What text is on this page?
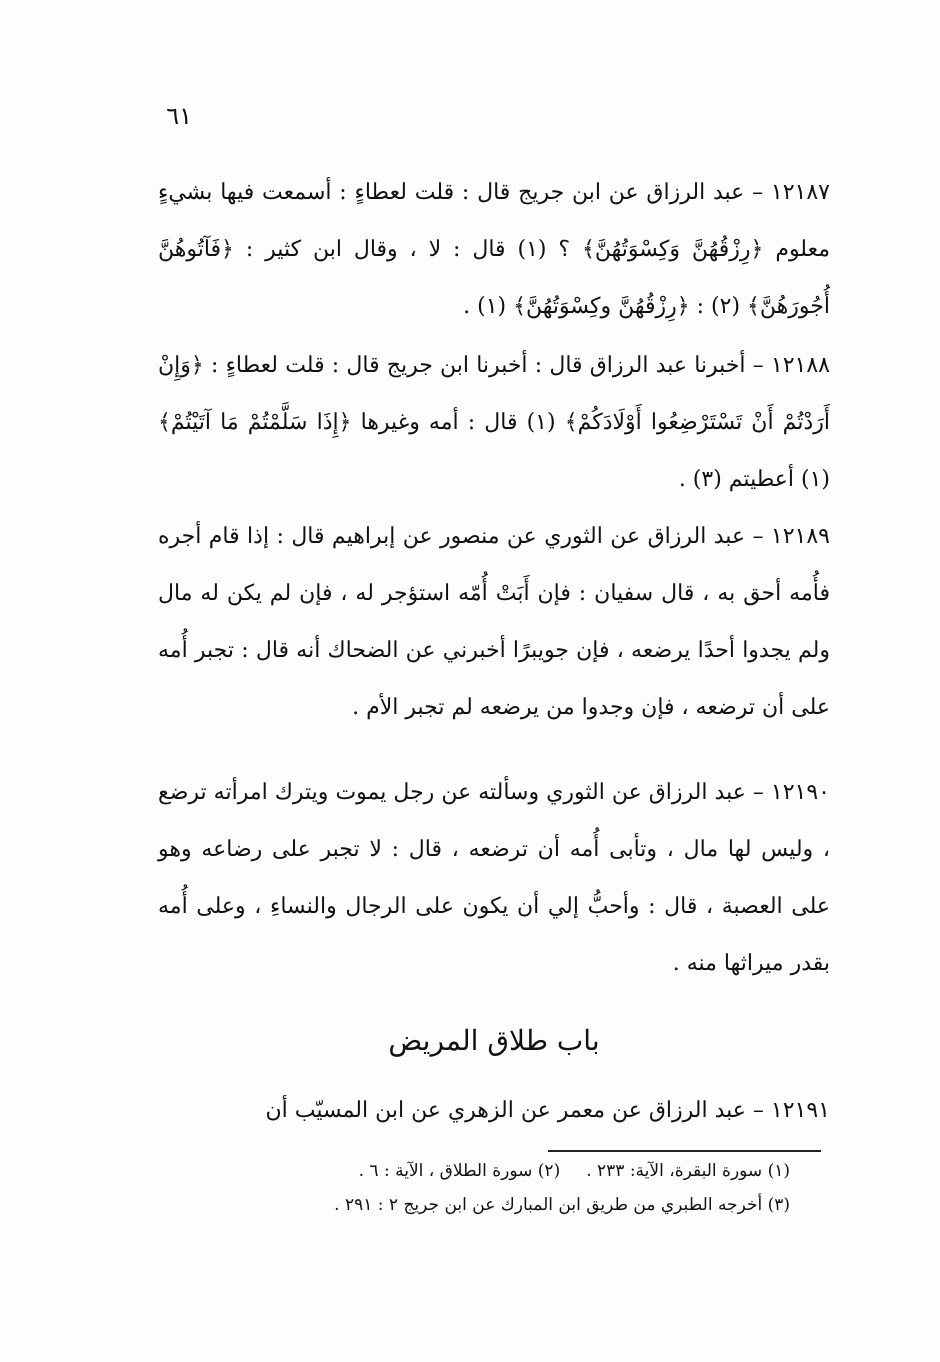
٦١

١٢١٨٧ – عبد الرزاق عن ابن جريج قال : قلت لعطاءٍ : أسمعت فيها بشيءٍ معلوم ﴿رِزْقُهُنَّ وَكِسْوَتُهُنَّ﴾ ؟ (١) قال : لا ، وقال ابن كثير : ﴿فَآتُوهُنَّ أُجُورَهُنَّ﴾ (٢) : ﴿رِزْقُهُنَّ وكِسْوَتُهُنَّ﴾ (١) .

١٢١٨٨ – أخبرنا عبد الرزاق قال : أخبرنا ابن جريج قال : قلت لعطاءٍ : ﴿وَإِنْ أَرَدْتُمْ أَنْ تَسْتَرْضِعُوا أَوْلَادَكُمْ﴾ (١) قال : أمه وغيرها ﴿إِذَا سَلَّمْتُمْ مَا آتَيْتُمْ﴾ (١) أعطيتم (٣) .

١٢١٨٩ – عبد الرزاق عن الثوري عن منصور عن إبراهيم قال : إذا قام أجره فأُمه أحق به ، قال سفيان : فإن أَبَتْ أُمّه استؤجر له ، فإن لم يكن له مال ولم يجدوا أحدًا يرضعه ، فإن جويبرًا أخبرني عن الضحاك أنه قال : تجبر أُمه على أن ترضعه ، فإن وجدوا من يرضعه لم تجبر الأم .

١٢١٩٠ – عبد الرزاق عن الثوري وسألته عن رجل يموت ويترك امرأته ترضع ، وليس لها مال ، وتأبى أُمه أن ترضعه ، قال : لا تجبر على رضاعه وهو على العصبة ، قال : وأحبُّ إلي أن يكون على الرجال والنساءِ ، وعلى أُمه بقدر ميراثها منه .

باب طلاق المريض

١٢١٩١ – عبد الرزاق عن معمر عن الزهري عن ابن المسيّب أن

(١) سورة البقرة، الآية: ٢٣٣ .(٢) سورة الطلاق ، الآية : ٦ .
(٣) أخرجه الطبري من طريق ابن المبارك عن ابن جريج ٢ : ٢٩١ .
